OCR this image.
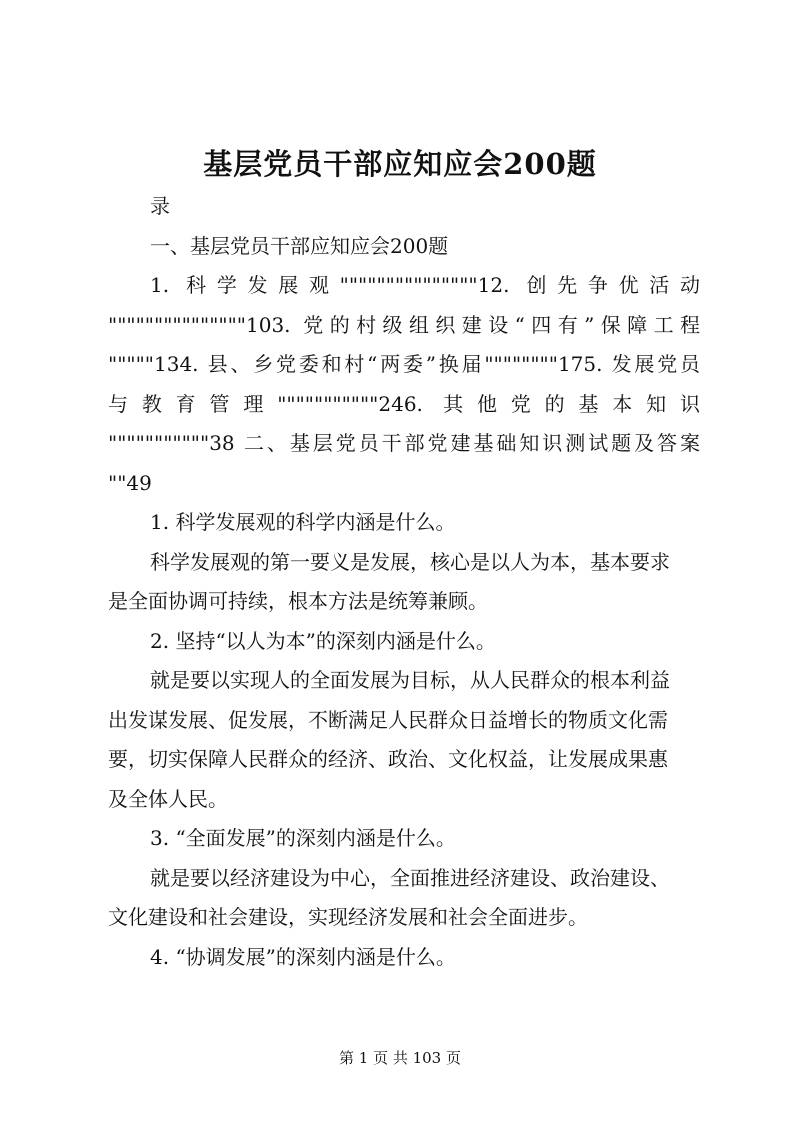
基层党员干部应知应会200题

录

一、基层党员干部应知应会200题

1. 科学发展观"""""""""""""""12. 创先争优活动

"""""""""""""""103. 党的村级组织建设“四有”保障工程

"""""134. 县、乡党委和村“两委”换届""""""""175. 发展党员

与教育管理"""""""""""246. 其他党的基本知识

"""""""""""38 二、基层党员干部党建基础知识测试题及答案

""49

1. 科学发展观的科学内涵是什么。

科学发展观的第一要义是发展，核心是以人为本，基本要求

是全面协调可持续，根本方法是统筹兼顾。

2. 坚持“以人为本”的深刻内涵是什么。

就是要以实现人的全面发展为目标，从人民群众的根本利益

出发谋发展、促发展，不断满足人民群众日益增长的物质文化需

要，切实保障人民群众的经济、政治、文化权益，让发展成果惠

及全体人民。

3. “全面发展”的深刻内涵是什么。

就是要以经济建设为中心，全面推进经济建设、政治建设、

文化建设和社会建设，实现经济发展和社会全面进步。

4. “协调发展”的深刻内涵是什么。

第 1 页 共 103 页
